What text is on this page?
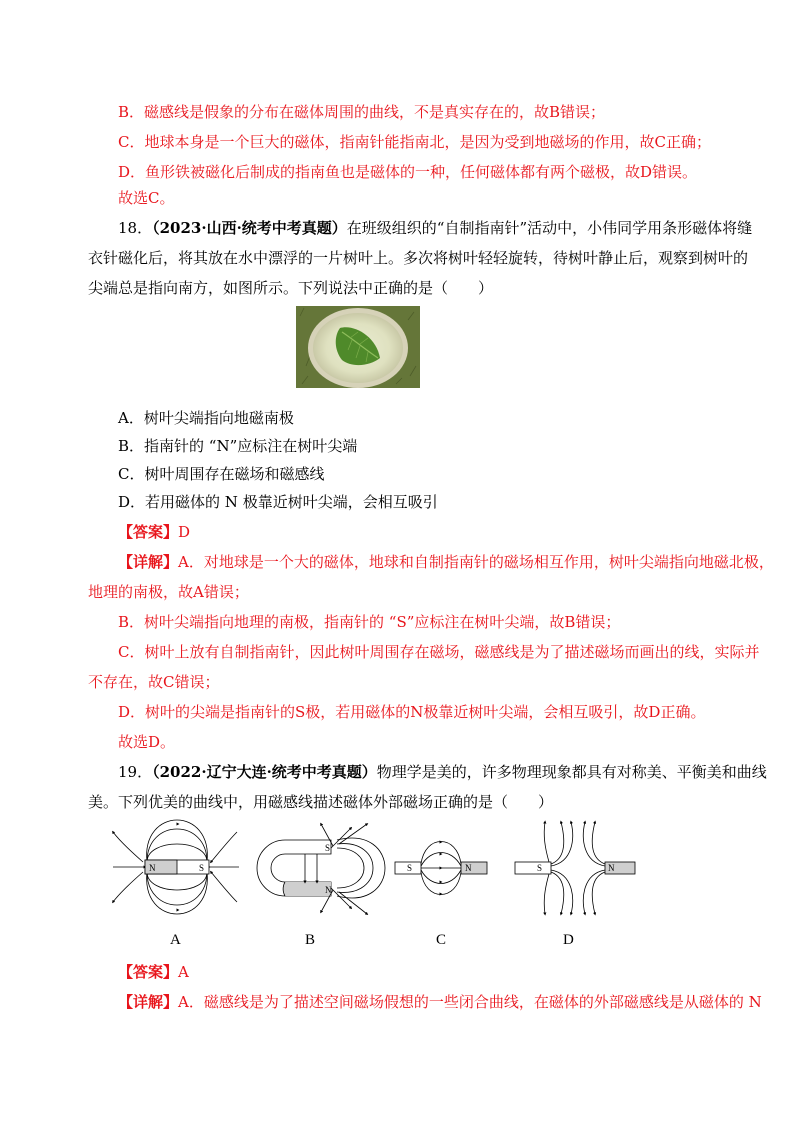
B．磁感线是假象的分布在磁体周围的曲线，不是真实存在的，故B错误；
C．地球本身是一个巨大的磁体，指南针能指南北，是因为受到地磁场的作用，故C正确；
D．鱼形铁被磁化后制成的指南鱼也是磁体的一种，任何磁体都有两个磁极，故D错误。
故选C。
18．（2023·山西·统考中考真题）在班级组织的“自制指南针”活动中，小伟同学用条形磁体将缝
衣针磁化后，将其放在水中漂浮的一片树叶上。多次将树叶轻轻旋转，待树叶静止后，观察到树叶的
尖端总是指向南方，如图所示。下列说法中正确的是（　　）
A．树叶尖端指向地磁南极
B．指南针的 “N”应标注在树叶尖端
C．树叶周围存在磁场和磁感线
D．若用磁体的 N 极靠近树叶尖端，会相互吸引
【答案】D
【详解】A．对地球是一个大的磁体，地球和自制指南针的磁场相互作用，树叶尖端指向地磁北极，
地理的南极，故A错误；
B．树叶尖端指向地理的南极，指南针的 “S”应标注在树叶尖端，故B错误；
C．树叶上放有自制指南针，因此树叶周围存在磁场，磁感线是为了描述磁场而画出的线，实际并
不存在，故C错误；
D．树叶的尖端是指南针的S极，若用磁体的N极靠近树叶尖端，会相互吸引，故D正确。
故选D。
19．（2022·辽宁大连·统考中考真题）物理学是美的，许多物理现象都具有对称美、平衡美和曲线
美。下列优美的曲线中，用磁感线描述磁体外部磁场正确的是（　　）
N	S
S
N
S	N	S	N
A	B	C	D
【答案】A
【详解】A．磁感线是为了描述空间磁场假想的一些闭合曲线，在磁体的外部磁感线是从磁体的 N
